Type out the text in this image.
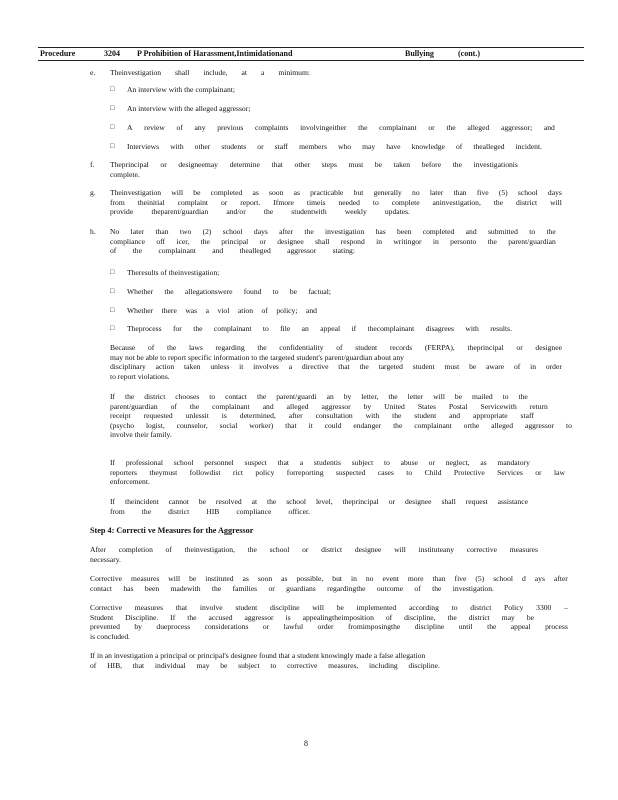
Procedure	3204 P Prohibition of Harassment,Intimidationand	Bullying	(cont.)
e. Theinvestigation shall include, at a minimum:
□ An interview with the complainant;
□ An interview with the alleged aggressor;
□ A review of any previous complaints involvingeither the complainant or the alleged aggressor; and
□ Interviews with other students or staff members who may have knowledge of thealleged incident.
f. Theprincipal or designeemay determine that other steps must be taken before the investigationis
complete.
g. Theinvestigation will be completed as soon as practicable but generally no later than five (5) school days
from theinitial complaint or report. Ifmore timeis needed to complete aninvestigation, the district will
provide theparent/guardian and/or the studentwith weekly updates.
h. No later than two (2) school days after the investigation has been completed and submitted to the
compliance off icer, the principal or designee shall respond in writingor in personto the parent/guardian
of the complainant and thealleged aggressor stating:
□ Theresults of theinvestigation;
□ Whether the allegationswere found to be factual;
□ Whether there was a viol ation of policy; and
□ Theprocess for the complainant to file an appeal if thecomplainant disagrees with results.
Because of the laws regarding the confidentiality of student records (FERPA), theprincipal or designee
may not be able to report specific information to the targeted student's parent/guardian about any
disciplinary action taken unless it involves a directive that the targeted student must be aware of in order
to report violations.
If the district chooses to contact the parent/guardi an by letter, the letter will be mailed to the
parent/guardian of the complainant and alleged aggressor by United States Postal Servicewith return
receipt requested unlessit is determined, after consultation with the student and appropriate staff
(psycho logist, counselor, social worker) that it could endanger the complainant orthe alleged aggressor to
involve their family.
If professional school personnel suspect that a studentis subject to abuse or neglect, as mandatory
reporters theymust followdist rict policy forreporting suspected cases to Child Protective Services or law
enforcement.
If theincident cannot be resolved at the school level, theprincipal or designee shall request assistance
from the district HIB compliance officer.
Step 4: Correcti ve Measures for the Aggressor
After completion of theinvestigation, the school or district designee will instituteany corrective measures
necessary.
Corrective measures will be instituted as soon as possible, but in no event more than five (5) school d ays after
contact has been madewith the families or guardians regardingthe outcome of the investigation.
Corrective measures that involve student discipline will be implemented according to district Policy 3300 –
Student Discipline. If the accused aggressor is appealingtheimposition of discipline, the district may be
prevented by dueprocess considerations or lawful order fromimposingthe discipline until the appeal process
is concluded.
If in an investigation a principal or principal's designee found that a student knowingly made a false allegation
of HIB, that individual may be subject to corrective measures, including discipline.
8
